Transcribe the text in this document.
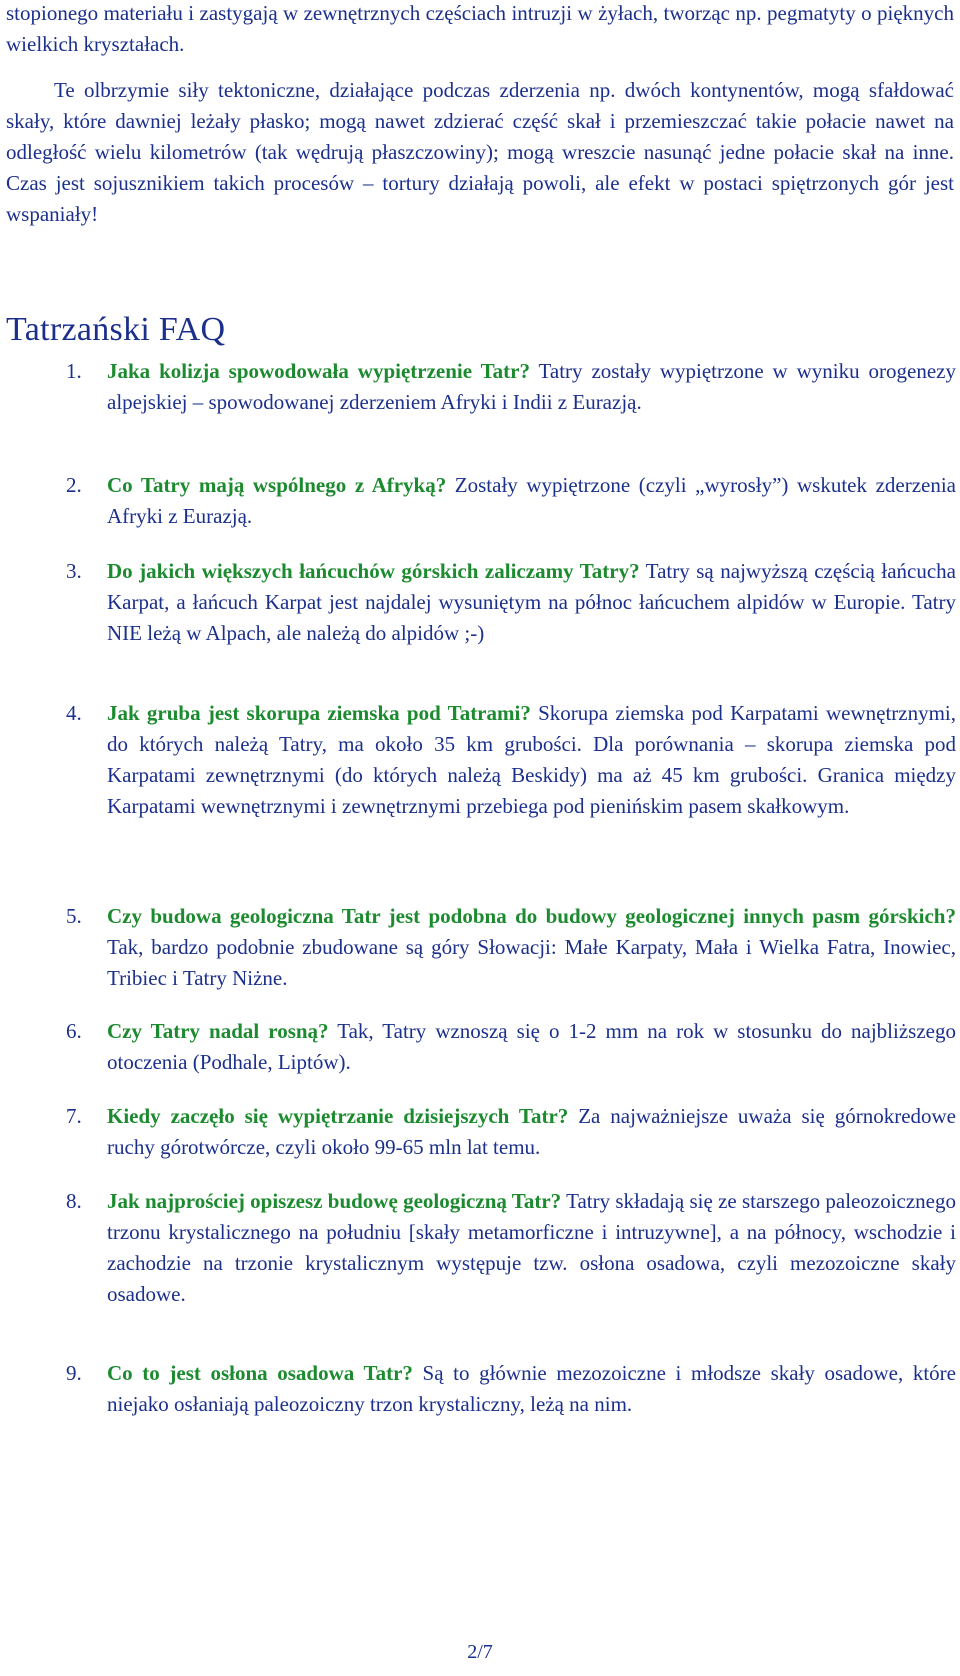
stopionego materiału i zastygają w zewnętrznych częściach intruzji w żyłach, tworząc np. pegmatyty o pięknych wielkich kryształach.

Te olbrzymie siły tektoniczne, działające podczas zderzenia np. dwóch kontynentów, mogą sfałdować skały, które dawniej leżały płasko; mogą nawet zdzierać część skał i przemieszczać takie połacie nawet na odległość wielu kilometrów (tak wędrują płaszczowiny); mogą wreszcie nasunąć jedne połacie skał na inne. Czas jest sojusznikiem takich procesów – tortury działają powoli, ale efekt w postaci spiętrzonych gór jest wspaniały!

Tatrzański FAQ
1. Jaka kolizja spowodowała wypiętrzenie Tatr? Tatry zostały wypiętrzone w wyniku orogenezy alpejskiej – spowodowanej zderzeniem Afryki i Indii z Eurazją.

2. Co Tatry mają wspólnego z Afryką? Zostały wypiętrzone (czyli „wyrosły”) wskutek zderzenia Afryki z Eurazją.

3. Do jakich większych łańcuchów górskich zaliczamy Tatry? Tatry są najwyższą częścią łańcucha Karpat, a łańcuch Karpat jest najdalej wysuniętym na północ łańcuchem alpidów w Europie. Tatry NIE leżą w Alpach, ale należą do alpidów ;-)

4. Jak gruba jest skorupa ziemska pod Tatrami? Skorupa ziemska pod Karpatami wewnętrznymi, do których należą Tatry, ma około 35 km grubości. Dla porównania – skorupa ziemska pod Karpatami zewnętrznymi (do których należą Beskidy) ma aż 45 km grubości. Granica między Karpatami wewnętrznymi i zewnętrznymi przebiega pod pienińskim pasem skałkowym.

5. Czy budowa geologiczna Tatr jest podobna do budowy geologicznej innych pasm górskich? Tak, bardzo podobnie zbudowane są góry Słowacji: Małe Karpaty, Mała i Wielka Fatra, Inowiec, Tribiec i Tatry Niżne.

6. Czy Tatry nadal rosną? Tak, Tatry wznoszą się o 1-2 mm na rok w stosunku do najbliższego otoczenia (Podhale, Liptów).

7. Kiedy zaczęło się wypiętrzanie dzisiejszych Tatr? Za najważniejsze uważa się górnokredowe ruchy górotwórcze, czyli około 99-65 mln lat temu.

8. Jak najprościej opiszesz budowę geologiczną Tatr? Tatry składają się ze starszego paleozoicznego trzonu krystalicznego na południu [skały metamorficzne i intruzywne], a na północy, wschodzie i zachodzie na trzonie krystalicznym występuje tzw. osłona osadowa, czyli mezozoiczne skały osadowe.

9. Co to jest osłona osadowa Tatr? Są to głównie mezozoiczne i młodsze skały osadowe, które niejako osłaniają paleozoiczny trzon krystaliczny, leżą na nim.

2/7
